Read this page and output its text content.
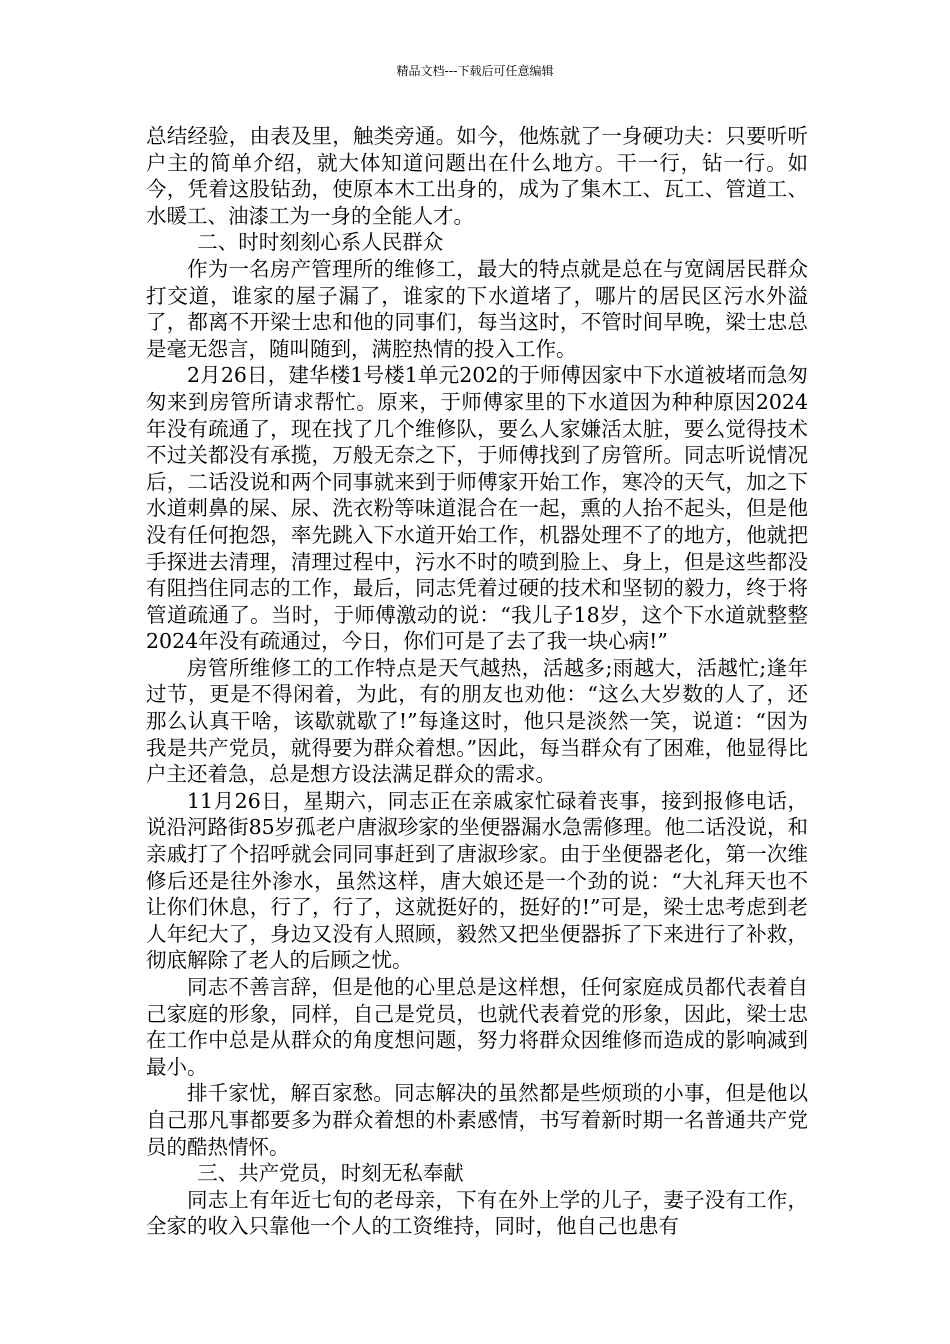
精品文档---下载后可任意编辑

总结经验，由表及里，触类旁通。如今，他炼就了一身硬功夫：只要听听户主的简单介绍，就大体知道问题出在什么地方。干一行，钻一行。如今，凭着这股钻劲，使原本木工出身的，成为了集木工、瓦工、管道工、水暖工、油漆工为一身的全能人才。

二、时时刻刻心系人民群众

作为一名房产管理所的维修工，最大的特点就是总在与宽阔居民群众打交道，谁家的屋子漏了，谁家的下水道堵了，哪片的居民区污水外溢了，都离不开梁士忠和他的同事们，每当这时，不管时间早晚，梁士忠总是毫无怨言，随叫随到，满腔热情的投入工作。

2月26日，建华楼1号楼1单元202的于师傅因家中下水道被堵而急匆匆来到房管所请求帮忙。原来，于师傅家里的下水道因为种种原因2024年没有疏通了，现在找了几个维修队，要么人家嫌活太脏，要么觉得技术不过关都没有承揽，万般无奈之下，于师傅找到了房管所。同志听说情况后，二话没说和两个同事就来到于师傅家开始工作，寒冷的天气，加之下水道刺鼻的屎、尿、洗衣粉等味道混合在一起，熏的人抬不起头，但是他没有任何抱怨，率先跳入下水道开始工作，机器处理不了的地方，他就把手探进去清理，清理过程中，污水不时的喷到脸上、身上，但是这些都没有阻挡住同志的工作，最后，同志凭着过硬的技术和坚韧的毅力，终于将管道疏通了。当时，于师傅激动的说：“我儿子18岁，这个下水道就整整2024年没有疏通过，今日，你们可是了去了我一块心病!”

房管所维修工的工作特点是天气越热，活越多;雨越大，活越忙;逢年过节，更是不得闲着，为此，有的朋友也劝他：“这么大岁数的人了，还那么认真干啥，该歇就歇了!”每逢这时，他只是淡然一笑，说道：“因为我是共产党员，就得要为群众着想。”因此，每当群众有了困难，他显得比户主还着急，总是想方设法满足群众的需求。

11月26日，星期六，同志正在亲戚家忙碌着丧事，接到报修电话，说沿河路街85岁孤老户唐淑珍家的坐便器漏水急需修理。他二话没说，和亲戚打了个招呼就会同同事赶到了唐淑珍家。由于坐便器老化，第一次维修后还是往外渗水，虽然这样，唐大娘还是一个劲的说：“大礼拜天也不让你们休息，行了，行了，这就挺好的，挺好的!”可是，梁士忠考虑到老人年纪大了，身边又没有人照顾，毅然又把坐便器拆了下来进行了补救，彻底解除了老人的后顾之忧。

同志不善言辞，但是他的心里总是这样想，任何家庭成员都代表着自己家庭的形象，同样，自己是党员，也就代表着党的形象，因此，梁士忠在工作中总是从群众的角度想问题，努力将群众因维修而造成的影响减到最小。

排千家忧，解百家愁。同志解决的虽然都是些烦琐的小事，但是他以自己那凡事都要多为群众着想的朴素感情，书写着新时期一名普通共产党员的酷热情怀。

三、共产党员，时刻无私奉献

同志上有年近七旬的老母亲，下有在外上学的儿子，妻子没有工作，全家的收入只靠他一个人的工资维持，同时，他自己也患有
